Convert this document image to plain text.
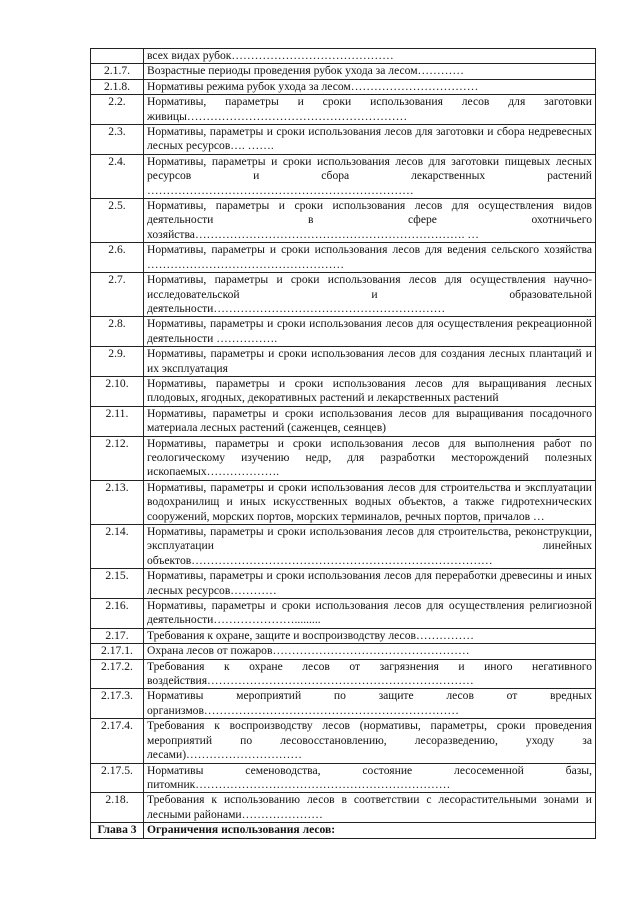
	всех видах рубок……………………………………
2.1.7.	Возрастные периоды проведения рубок ухода за лесом…………
2.1.8.	Нормативы режима рубок ухода за лесом……………………………
2.2.	Нормативы, параметры и сроки использования лесов для заготовки живицы…………………………………………………
2.3.	Нормативы, параметры и сроки использования лесов для заготовки и сбора недревесных лесных ресурсов…. …….
2.4.	Нормативы, параметры и сроки использования лесов для заготовки пищевых лесных ресурсов и сбора лекарственных растений ……………………………………………………………
2.5.	Нормативы, параметры и сроки использования лесов для осуществления видов деятельности в сфере охотничьего хозяйства……………………………………………………………. …
2.6.	Нормативы, параметры и сроки использования лесов для ведения сельского хозяйства ……………………………………………
2.7.	Нормативы, параметры и сроки использования лесов для осуществления научно-исследовательской и образовательной деятельности……………………………………………………
2.8.	Нормативы, параметры и сроки использования лесов для осуществления рекреационной деятельности …………….
2.9.	Нормативы, параметры и сроки использования лесов для создания лесных плантаций и их эксплуатация
2.10.	Нормативы, параметры и сроки использования лесов для выращивания лесных плодовых, ягодных, декоративных растений и лекарственных растений
2.11.	Нормативы, параметры и сроки использования лесов для выращивания посадочного материала лесных растений (саженцев, сеянцев)
2.12.	Нормативы, параметры и сроки использования лесов для выполнения работ по геологическому изучению недр, для разработки месторождений полезных ископаемых……………….
2.13.	Нормативы, параметры и сроки использования лесов для строительства и эксплуатации водохранилищ и иных искусственных водных объектов, а также гидротехнических сооружений, морских портов, морских терминалов, речных портов, причалов …
2.14.	Нормативы, параметры и сроки использования лесов для строительства, реконструкции, эксплуатации линейных объектов……………………………………………………………………
2.15.	Нормативы, параметры и сроки использования лесов для переработки древесины и иных лесных ресурсов…………
2.16.	Нормативы, параметры и сроки использования лесов для осуществления религиозной деятельности………………….........
2.17.	Требования к охране, защите и воспроизводству лесов……………
2.17.1.	Охрана лесов от пожаров……………………………………………
2.17.2.	Требования к охране лесов от загрязнения и иного негативного воздействия……………………………………………………………
2.17.3.	Нормативы мероприятий по защите лесов от вредных организмов…………………………………………………………
2.17.4.	Требования к воспроизводству лесов (нормативы, параметры, сроки проведения мероприятий по лесовосстановлению, лесоразведению, уходу за лесами)…………………………
2.17.5.	Нормативы семеноводства, состояние лесосеменной базы, питомник…………………………………………………………
2.18.	Требования к использованию лесов в соответствии с лесорастительными зонами и лесными районами…………………
Глава 3	Ограничения использования лесов:
